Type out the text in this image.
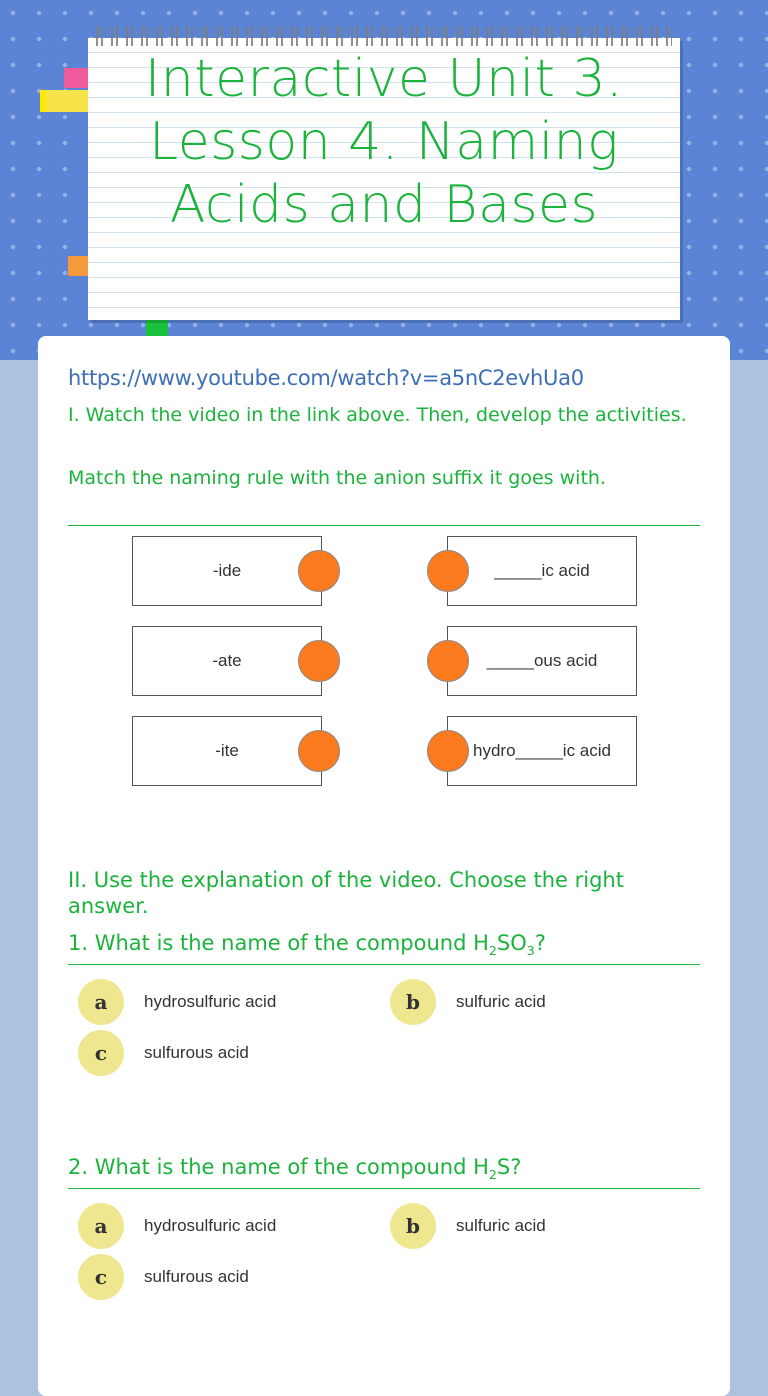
Interactive Unit 3. Lesson 4. Naming Acids and Bases
https://www.youtube.com/watch?v=a5nC2evhUa0
I. Watch the video in the link above. Then, develop the activities.
Match the naming rule with the anion suffix it goes with.
-ide
-ate
-ite
_____ic acid
_____ous acid
hydro_____ic acid
II. Use the explanation of the video. Choose the right answer.
1. What is the name of the compound $H_2SO_3$?
a	hydrosulfuric acid	b	sulfuric acid
c	sulfurous acid
2. What is the name of the compound $H_2S$?
a	hydrosulfuric acid	b	sulfuric acid
c	sulfurous acid
